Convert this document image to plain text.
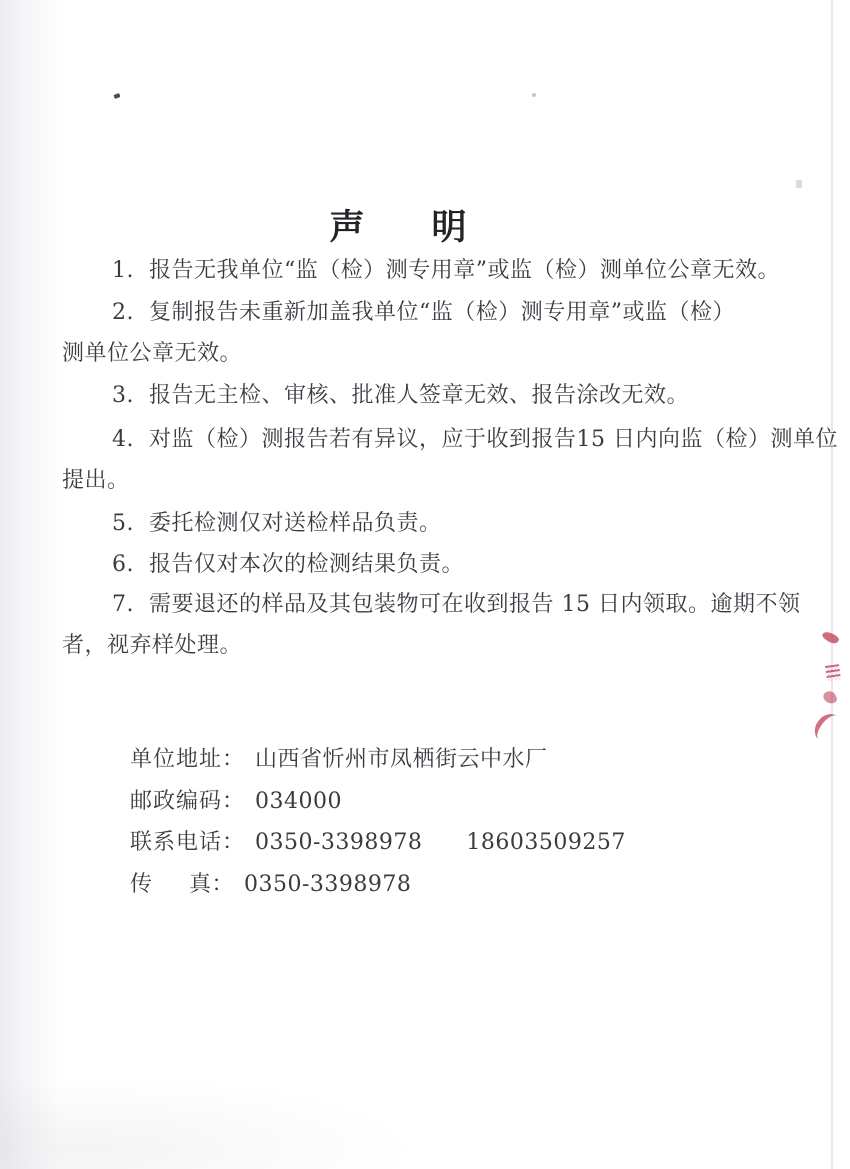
声　明
1.  报告无我单位“监（检）测专用章”或监（检）测单位公章无效。
2.  复制报告未重新加盖我单位“监（检）测专用章”或监（检）
测单位公章无效。
3.  报告无主检、审核、批准人签章无效、报告涂改无效。
4.  对监（检）测报告若有异议，应于收到报告15 日内向监（检）测单位
提出。
5.  委托检测仅对送检样品负责。
6.  报告仅对本次的检测结果负责。
7.  需要退还的样品及其包装物可在收到报告 15 日内领取。逾期不领
者，视弃样处理。

单位地址： 山西省忻州市凤栖街云中水厂

邮政编码： 034000

联系电话： 0350-3398978 18603509257

传 真： 0350-3398978
